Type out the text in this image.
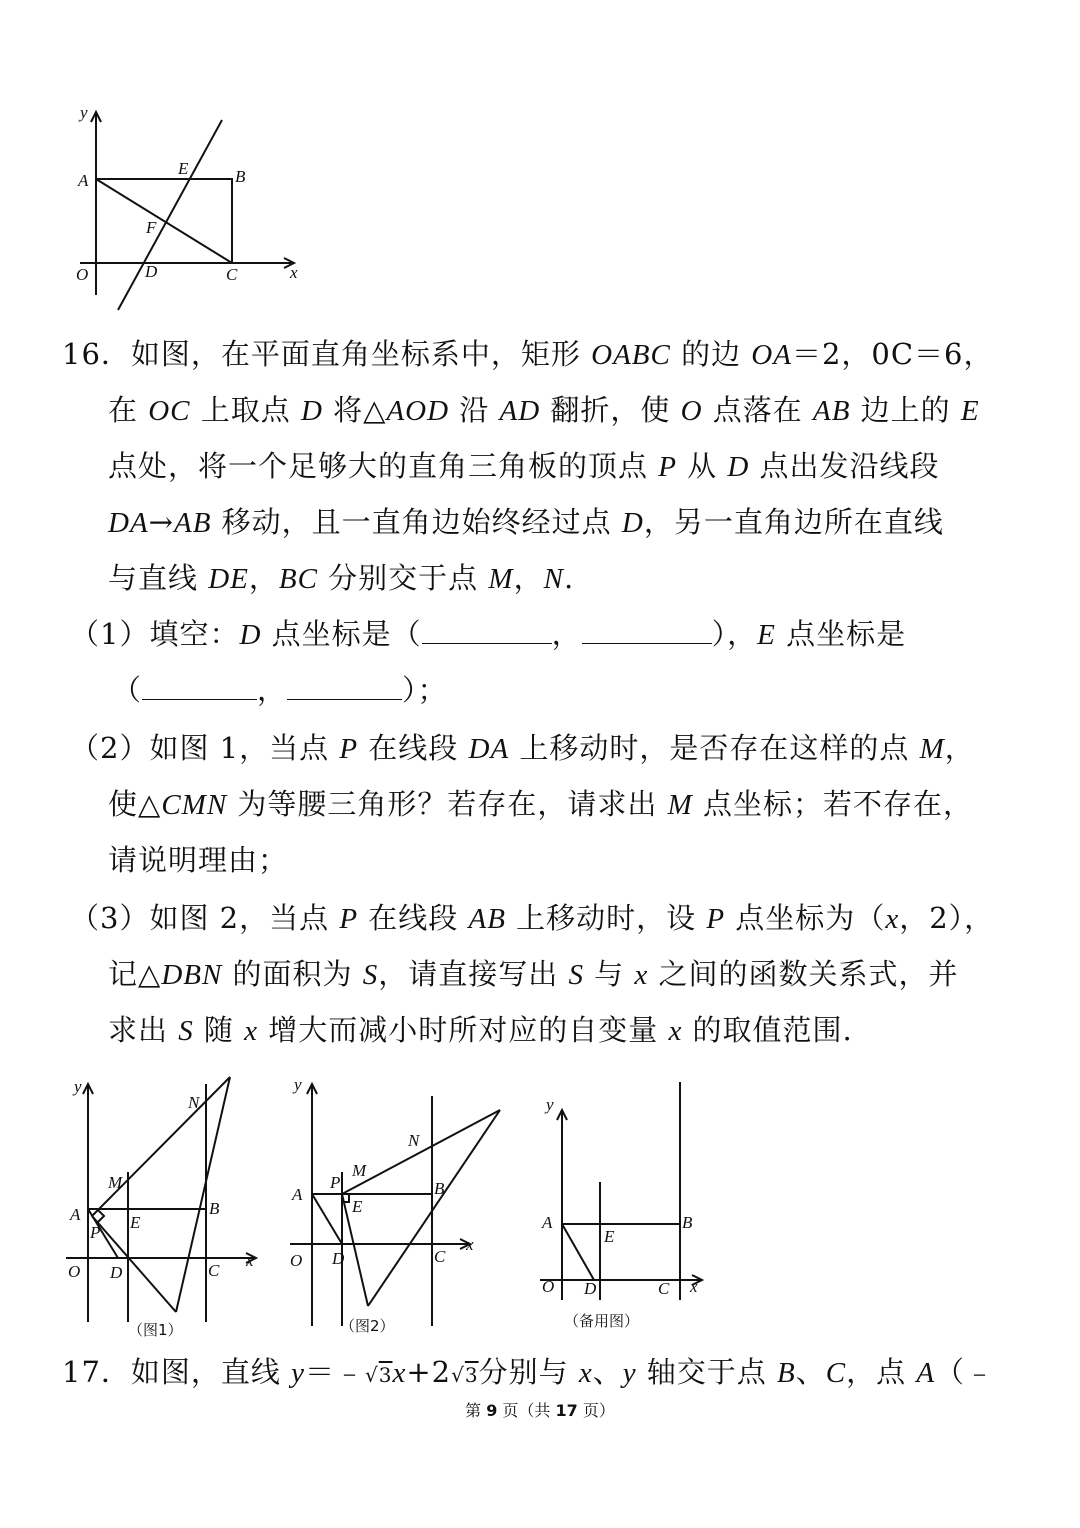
y
x
O
A	B
C
D
E
F
16．如图，在平面直角坐标系中，矩形 OABC 的边 OA＝2，0C＝6，
在 OC 上取点 D 将△AOD 沿 AD 翻折，使 O 点落在 AB 边上的 E
点处，将一个足够大的直角三角板的顶点 P 从 D 点出发沿线段
DA→AB 移动，且一直角边始终经过点 D，另一直角边所在直线
与直线 DE，BC 分别交于点 M，N.
（1）填空：D 点坐标是（	，	），E 点坐标是
（	，	）；
（2）如图 1，当点 P 在线段 DA 上移动时，是否存在这样的点 M，
使△CMN 为等腰三角形？若存在，请求出 M 点坐标；若不存在，
请说明理由；
（3）如图 2，当点 P 在线段 AB 上移动时，设 P 点坐标为（x，2），
记△DBN 的面积为 S，请直接写出 S 与 x 之间的函数关系式，并
求出 S 随 x 增大而减小时所对应的自变量 x 的取值范围.
y
x
O
A	B
C
D
E
M
N
P
（图1）
y
x
O
A	B
C
D
E
M
N
P
（图2）
y
x
O
A	B
C
D
E
（备用图）
17．如图，直线 y＝﹣√3x+2√3分别与 x、y 轴交于点 B、C，点 A（﹣
第 9 页（共 17 页）
